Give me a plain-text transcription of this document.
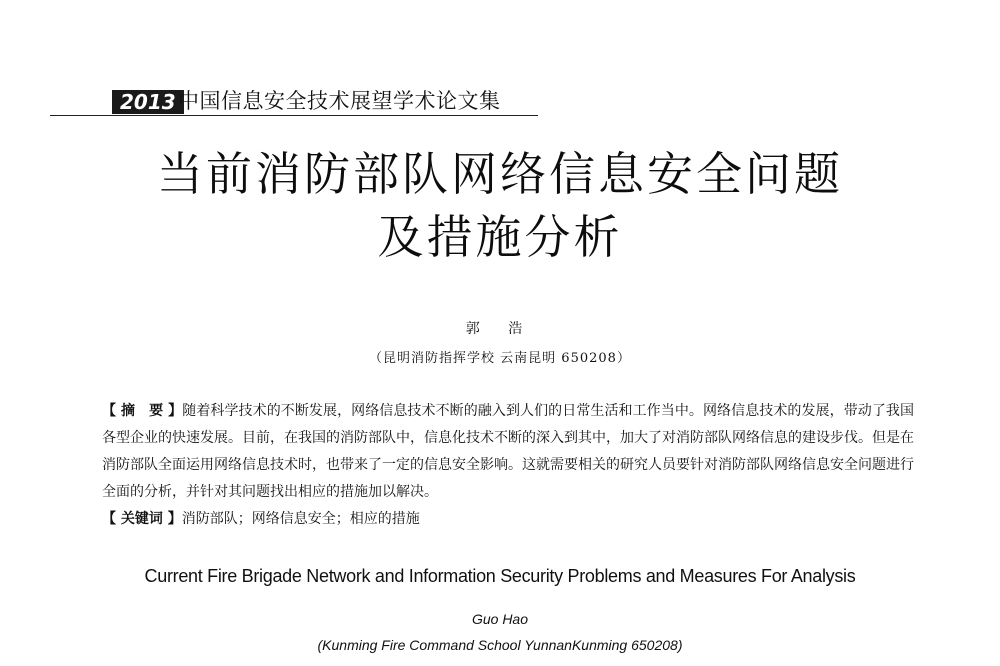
2013 中国信息安全技术展望学术论文集
当前消防部队网络信息安全问题
及措施分析
郭 浩
（昆明消防指挥学校 云南昆明 650208）

【 摘　要 】随着科学技术的不断发展，网络信息技术不断的融入到人们的日常生活和工作当中。网络信息技术的发展，带动了我国各型企业的快速发展。目前，在我国的消防部队中，信息化技术不断的深入到其中，加大了对消防部队网络信息的建设步伐。但是在消防部队全面运用网络信息技术时，也带来了一定的信息安全影响。这就需要相关的研究人员要针对消防部队网络信息安全问题进行全面的分析，并针对其问题找出相应的措施加以解决。

【 关键词 】消防部队；网络信息安全；相应的措施

Current Fire Brigade Network and Information Security Problems and Measures For Analysis
Guo Hao
(Kunming Fire Command School YunnanKunming 650208)
